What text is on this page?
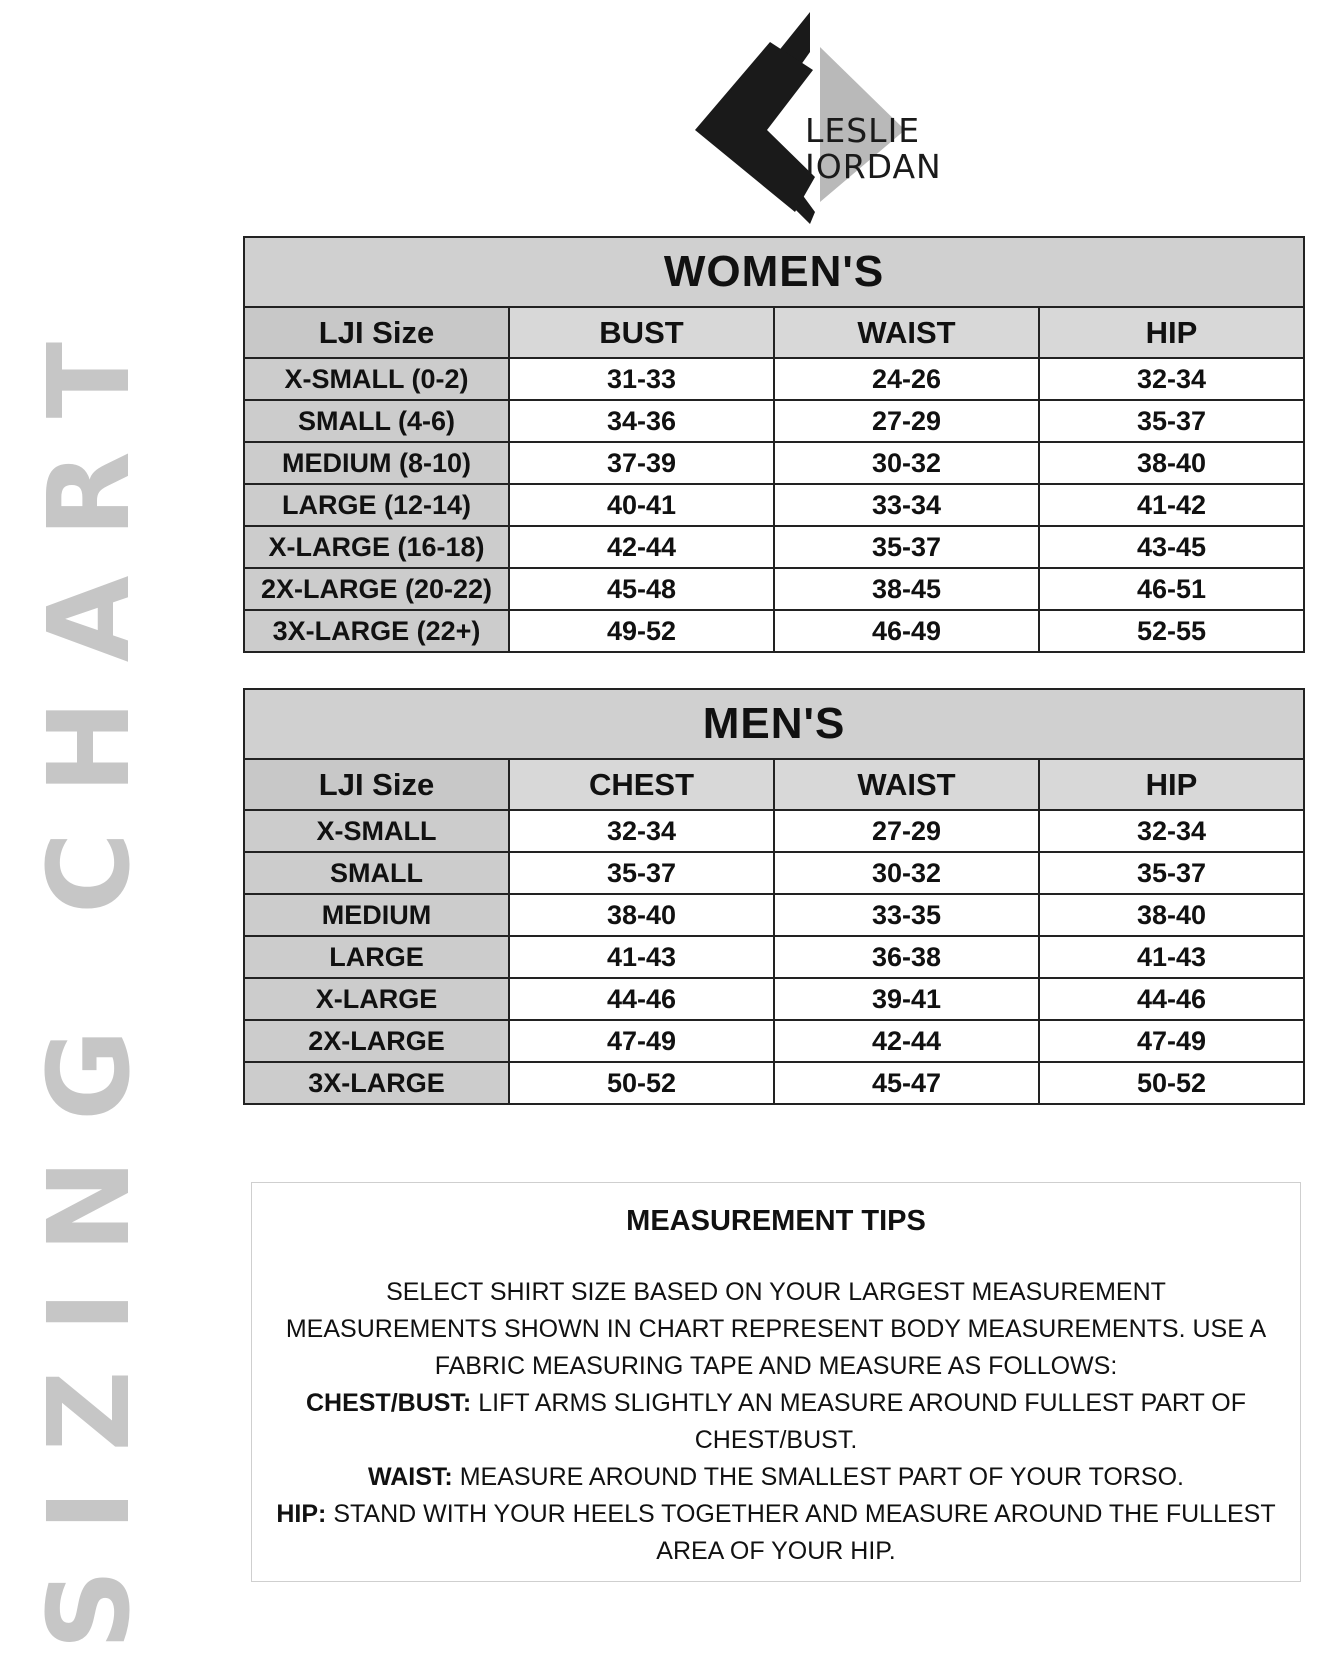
SIZING CHART
LESLIE
JORDAN
WOMEN'S			
LJI Size	BUST	WAIST	HIP
X-SMALL (0-2)	31-33	24-26	32-34
SMALL (4-6)	34-36	27-29	35-37
MEDIUM (8-10)	37-39	30-32	38-40
LARGE (12-14)	40-41	33-34	41-42
X-LARGE (16-18)	42-44	35-37	43-45
2X-LARGE (20-22)	45-48	38-45	46-51
3X-LARGE (22+)	49-52	46-49	52-55
MEN'S			
LJI Size	CHEST	WAIST	HIP
X-SMALL	32-34	27-29	32-34
SMALL	35-37	30-32	35-37
MEDIUM	38-40	33-35	38-40
LARGE	41-43	36-38	41-43
X-LARGE	44-46	39-41	44-46
2X-LARGE	47-49	42-44	47-49
3X-LARGE	50-52	45-47	50-52
MEASUREMENT TIPS

SELECT SHIRT SIZE BASED ON YOUR LARGEST MEASUREMENT

MEASUREMENTS SHOWN IN CHART REPRESENT BODY MEASUREMENTS. USE A FABRIC MEASURING TAPE AND MEASURE AS FOLLOWS:

CHEST/BUST: LIFT ARMS SLIGHTLY AN MEASURE AROUND FULLEST PART OF CHEST/BUST.

WAIST: MEASURE AROUND THE SMALLEST PART OF YOUR TORSO.

HIP: STAND WITH YOUR HEELS TOGETHER AND MEASURE AROUND THE FULLEST AREA OF YOUR HIP.
